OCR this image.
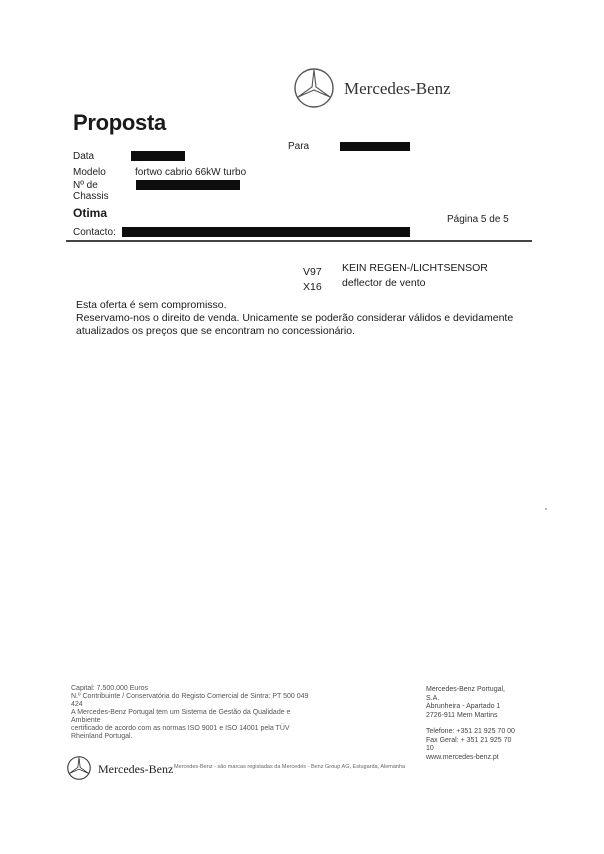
Mercedes-Benz
Proposta
Para
Data
Modelo	fortwo cabrio 66kW turbo
Nº de
Chassis
Otima	Página 5 de 5
Contacto:
V97 KEIN REGEN-/LICHTSENSOR
X16 deflector de vento
Esta oferta é sem compromisso.
Reservamo-nos o direito de venda. Unicamente se poderão considerar válidos e devidamente atualizados os preços que se encontram no concessionário.
Capital: 7.500.000 Euros
N.º Contribuinte / Conservatória do Registo Comercial de Sintra: PT 500 049
424
A Mercedes-Benz Portugal tem um Sistema de Gestão da Qualidade e
Ambiente
certificado de acordo com as normas ISO 9001 e ISO 14001 pela TÜV
Rheinland Portugal.
Mercedes-Benz Portugal,
S.A.
Abrunheira - Apartado 1
2726-911 Mem Martins
Telefone: +351 21 925 70 00
Fax Geral: + 351 21 925 70
10
www.mercedes-benz.pt
Mercedes-Benz Mercedes-Benz - são marcas registadas da Mercedes - Benz Group AG, Estugarda, Alemanha
